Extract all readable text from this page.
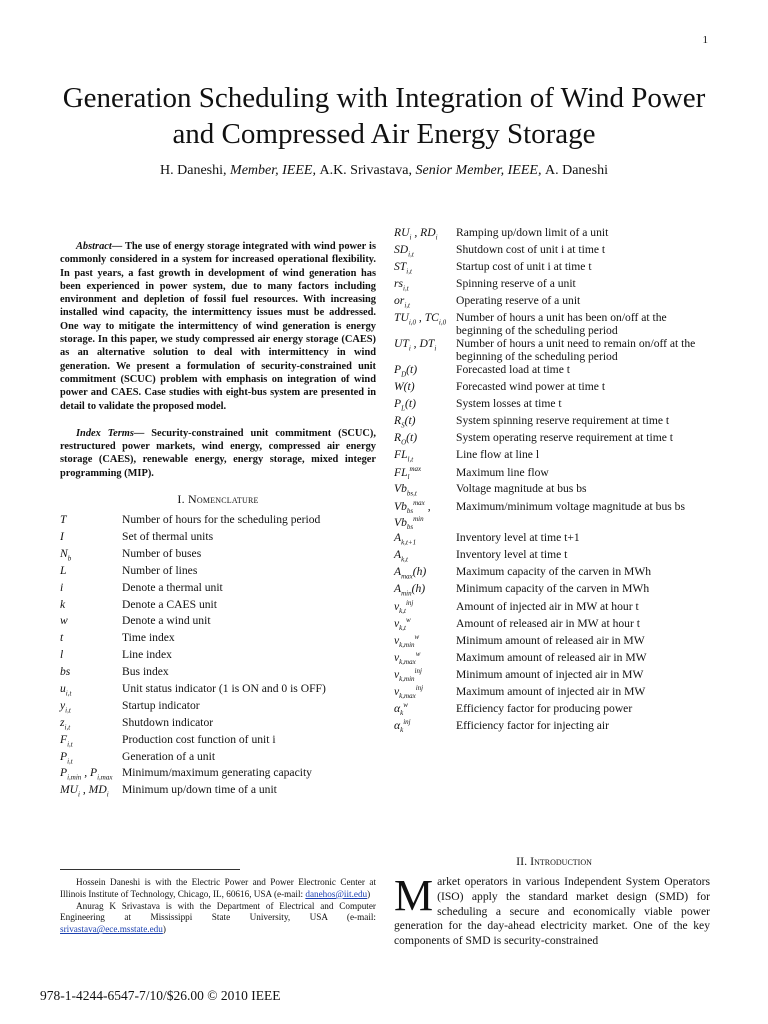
1
Generation Scheduling with Integration of Wind Power and Compressed Air Energy Storage
H. Daneshi, Member, IEEE, A.K. Srivastava, Senior Member, IEEE, A. Daneshi

Abstract— The use of energy storage integrated with wind power is commonly considered in a system for increased operational flexibility. In past years, a fast growth in development of wind generation has been experienced in power system, due to many factors including environment and depletion of fossil fuel resources. With increasing installed wind capacity, the intermittency issues must be addressed. One way to mitigate the intermittency of wind generation is energy storage. In this paper, we study compressed air energy storage (CAES) as an alternative solution to deal with intermittency in wind generation. We present a formulation of security-constrained unit commitment (SCUC) problem with emphasis on integration of wind power and CAES. Case studies with eight-bus system are presented in detail to validate the proposed model.

Index Terms— Security-constrained unit commitment (SCUC), restructured power markets, wind energy, compressed air energy storage (CAES), renewable energy, energy storage, mixed integer programming (MIP).

I. Nomenclature
T	Number of hours for the scheduling period
I	Set of thermal units
$N_b$	Number of buses
L	Number of lines
i	Denote a thermal unit
k	Denote a CAES unit
w	Denote a wind unit
t	Time index
l	Line index
bs	Bus index
$u_{i,t}$	Unit status indicator (1 is ON and 0 is OFF)
$y_{i,t}$	Startup indicator
$z_{i,t}$	Shutdown indicator
$F_{i,t}$	Production cost function of unit i
$P_{i,t}$	Generation of a unit
$P_{i,min}$ , $P_{i,max}$ Minimum/maximum generating capacity
$MU_i$ , $MD_i$	Minimum up/down time of a unit
$RU_i$ , $RD_i$	Ramping up/down limit of a unit
$SD_{i,t}$	Shutdown cost of unit i at time t
$ST_{i,t}$	Startup cost of unit i at time t
$rs_{i,t}$	Spinning reserve of a unit
$or_{i,t}$	Operating reserve of a unit
$TU_{i,0}$ , $TC_{i,0}$ Number of hours a unit has been on/off at the beginning of the scheduling period
$UT_i$ , $DT_i$	Number of hours a unit need to remain on/off at the beginning of the scheduling period
$P_D(t)$	Forecasted load at time t
W(t)	Forecasted wind power at time t
$P_L(t)$	System losses at time t
$R_S(t)$	System spinning reserve requirement at time t
$R_O(t)$	System operating reserve requirement at time t
$FL_{l,t}$	Line flow at line l
$FL_l^{max}$	Maximum line flow
$Vb_{bs,t}$	Voltage magnitude at bus bs
$Vb_{bs}^{max}$ , $Vb_{bs}^{min}$
Maximum/minimum voltage magnitude at bus bs
$A_{k,t+1}$	Inventory level at time t+1
$A_{k,t}$	Inventory level at time t
$A_{max}(h)$	Maximum capacity of the carven in MWh
$A_{min}(h)$	Minimum capacity of the carven in MWh
$v_{k,t}^{inj}$	Amount of injected air in MW at hour t
$v_{k,t}^w$	Amount of released air in MW at hour t
$v_{k,min}^w$	Minimum amount of released air in MW
$v_{k,max}^w$	Maximum amount of released air in MW
$v_{k,min}^{inj}$	Minimum amount of injected air in MW
$v_{k,max}^{inj}$	Maximum amount of injected air in MW
$\alpha_k^w$	Efficiency factor for producing power
$\alpha_k^{inj}$	Efficiency factor for injecting air

Hossein Daneshi is with the Electric Power and Power Electronic Center at Illinois Institute of Technology, Chicago, IL, 60616, USA (e-mail: danehos@iit.edu)

Anurag K Srivastava is with the Department of Electrical and Computer Engineering at Mississippi State University, USA (e-mail: srivastava@ece.msstate.edu)

978-1-4244-6547-7/10/$26.00 © 2010 IEEE
II. Introduction

Market operators in various Independent System Operators (ISO) apply the standard market design (SMD) for scheduling a secure and economically viable power generation for the day-ahead electricity market. One of the key components of SMD is security-constrained
